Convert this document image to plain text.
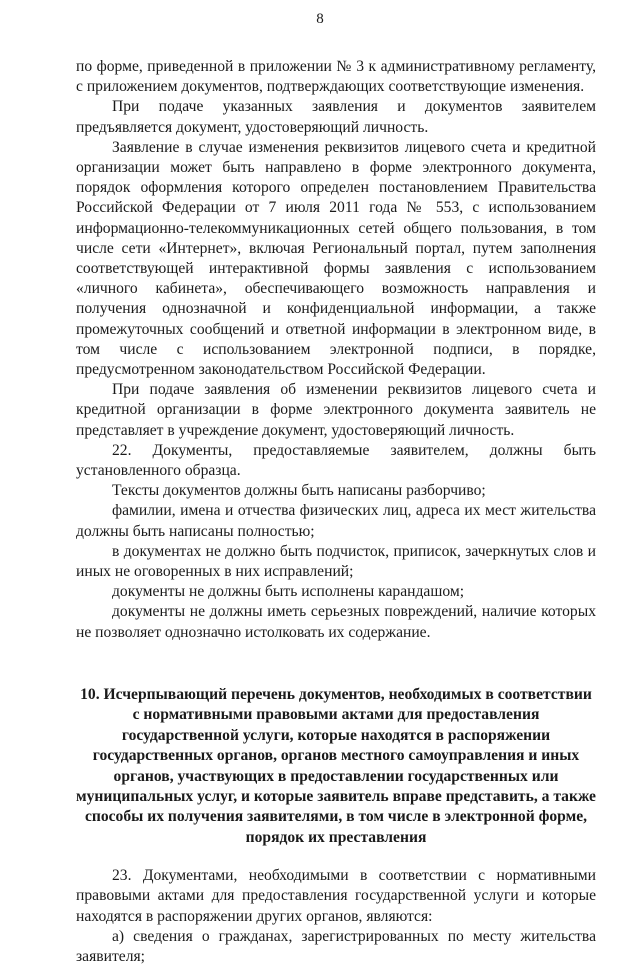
8

по форме, приведенной в приложении № 3 к административному регламенту, с приложением документов, подтверждающих соответствующие изменения.

При подаче указанных заявления и документов заявителем предъявляется документ, удостоверяющий личность.

Заявление в случае изменения реквизитов лицевого счета и кредитной организации может быть направлено в форме электронного документа, порядок оформления которого определен постановлением Правительства Российской Федерации от 7 июля 2011 года № 553, с использованием информационно-телекоммуникационных сетей общего пользования, в том числе сети «Интернет», включая Региональный портал, путем заполнения соответствующей интерактивной формы заявления с использованием «личного кабинета», обеспечивающего возможность направления и получения однозначной и конфиденциальной информации, а также промежуточных сообщений и ответной информации в электронном виде, в том числе с использованием электронной подписи, в порядке, предусмотренном законодательством Российской Федерации.

При подаче заявления об изменении реквизитов лицевого счета и кредитной организации в форме электронного документа заявитель не представляет в учреждение документ, удостоверяющий личность.

22. Документы, предоставляемые заявителем, должны быть установленного образца.

Тексты документов должны быть написаны разборчиво;

фамилии, имена и отчества физических лиц, адреса их мест жительства должны быть написаны полностью;

в документах не должно быть подчисток, приписок, зачеркнутых слов и иных не оговоренных в них исправлений;

документы не должны быть исполнены карандашом;

документы не должны иметь серьезных повреждений, наличие которых не позволяет однозначно истолковать их содержание.

10. Исчерпывающий перечень документов, необходимых в соответствии с нормативными правовыми актами для предоставления государственной услуги, которые находятся в распоряжении государственных органов, органов местного самоуправления и иных органов, участвующих в предоставлении государственных или муниципальных услуг, и которые заявитель вправе представить, а также способы их получения заявителями, в том числе в электронной форме, порядок их преставления

23. Документами, необходимыми в соответствии с нормативными правовыми актами для предоставления государственной услуги и которые находятся в распоряжении других органов, являются:

а) сведения о гражданах, зарегистрированных по месту жительства заявителя;
